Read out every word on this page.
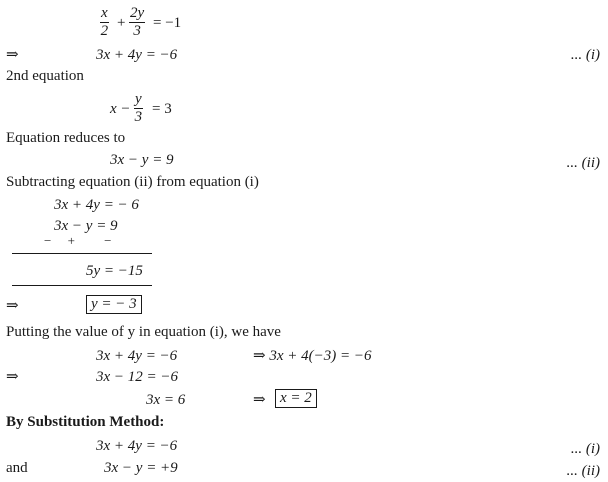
$\frac{x}{2} + \frac{2y}{3} = -1$
⇒	3x + 4y = −6	... (i)
2nd equation
$x - \frac{y}{3} = 3$
Equation reduces to
3x − y = 9	... (ii)
Subtracting equation (ii) from equation (i)
3x + 4y = − 6
3x − y = 9
−     +         −
5y = −15
⇒	y = − 3
Putting the value of y in equation (i), we have
3x + 4y = −6	⇒ 3x + 4(−3) = −6
⇒	3x − 12 = −6
3x = 6	⇒ x = 2
By Substitution Method:
3x + 4y = −6	... (i)
and	3x − y = +9	... (ii)
